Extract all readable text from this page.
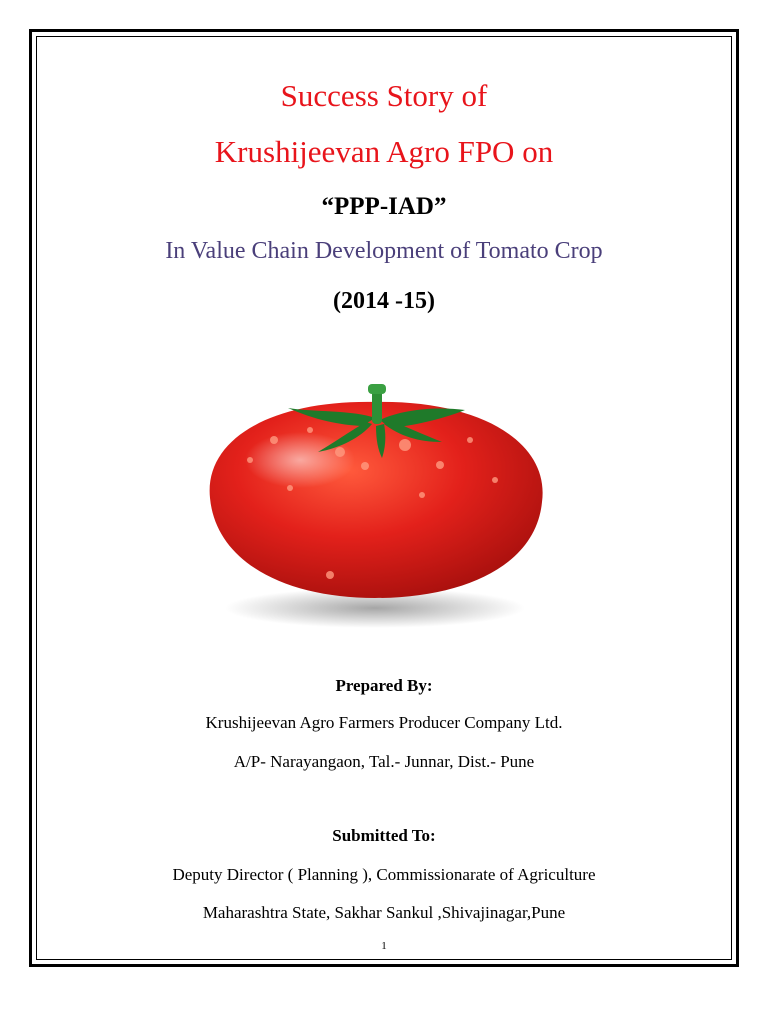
Success Story of
Krushijeevan Agro FPO on
“PPP-IAD”
In Value Chain Development of Tomato Crop
(2014 -15)
Prepared By:
Krushijeevan Agro Farmers Producer Company Ltd.
A/P- Narayangaon, Tal.- Junnar, Dist.- Pune
Submitted To:
Deputy Director ( Planning ), Commissionarate of Agriculture
Maharashtra State, Sakhar Sankul ,Shivajinagar,Pune
1
